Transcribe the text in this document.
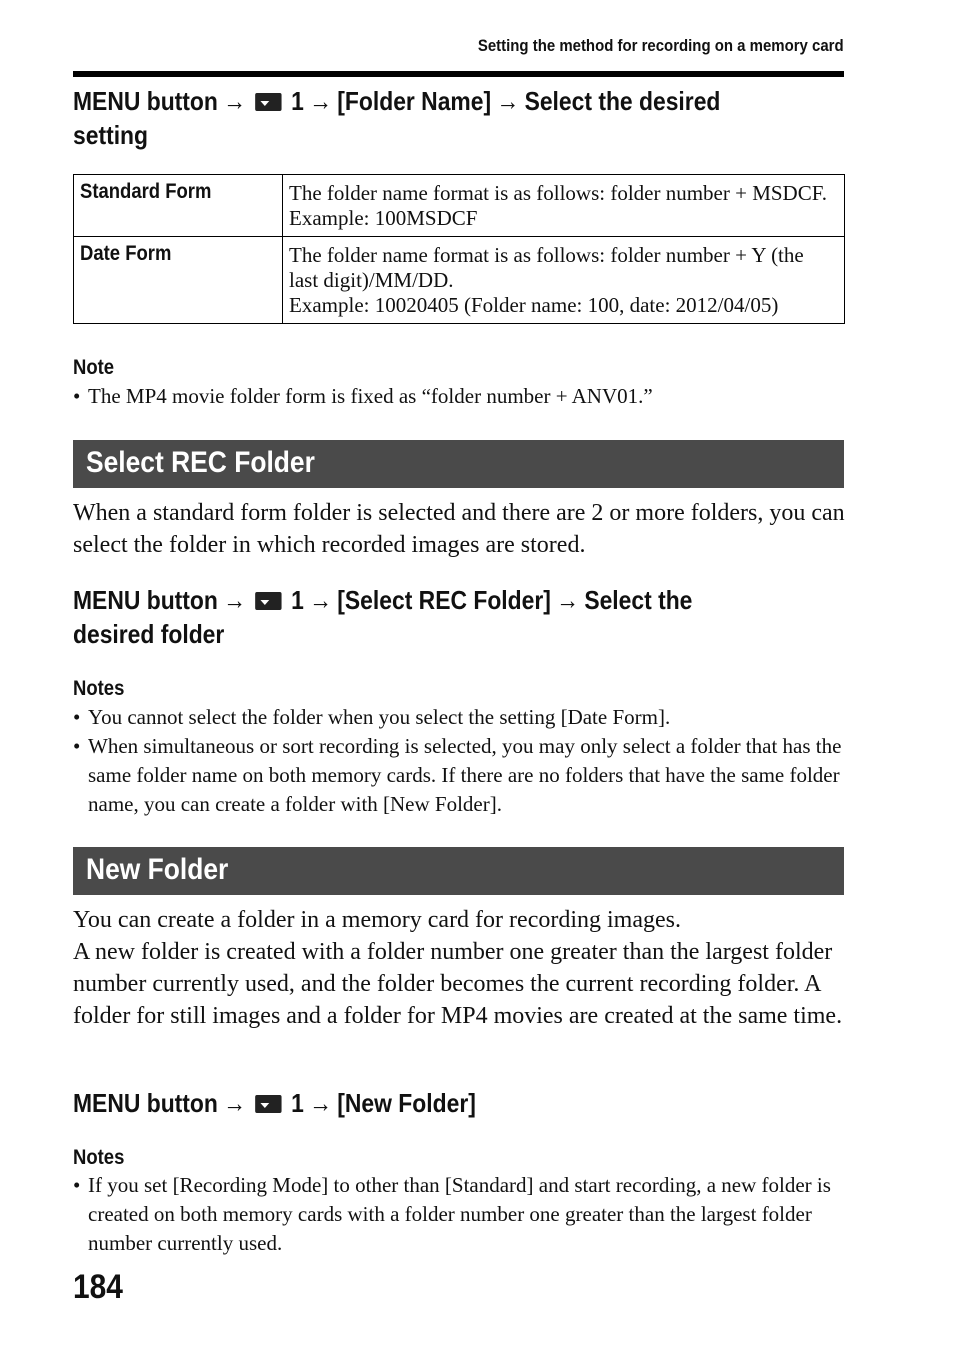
Setting the method for recording on a memory card
MENU button → 1 → [Folder Name] → Select the desired setting
Standard Form	The folder name format is as follows: folder number + MSDCF.
Example: 100MSDCF

Date Form	The folder name format is as follows: folder number + Y (the last digit)/MM/DD.
Example: 10020405 (Folder name: 100, date: 2012/04/05)
Note
• The MP4 movie folder form is fixed as “folder number + ANV01.”
Select REC Folder

When a standard form folder is selected and there are 2 or more folders, you can select the folder in which recorded images are stored.

MENU button → 1 → [Select REC Folder] → Select the desired folder
Notes
• You cannot select the folder when you select the setting [Date Form].
• When simultaneous or sort recording is selected, you may only select a folder that has the same folder name on both memory cards. If there are no folders that have the same folder name, you can create a folder with [New Folder].
New Folder

You can create a folder in a memory card for recording images.

A new folder is created with a folder number one greater than the largest folder number currently used, and the folder becomes the current recording folder. A folder for still images and a folder for MP4 movies are created at the same time.

MENU button → 1 → [New Folder]
Notes
• If you set [Recording Mode] to other than [Standard] and start recording, a new folder is created on both memory cards with a folder number one greater than the largest folder number currently used.
184
